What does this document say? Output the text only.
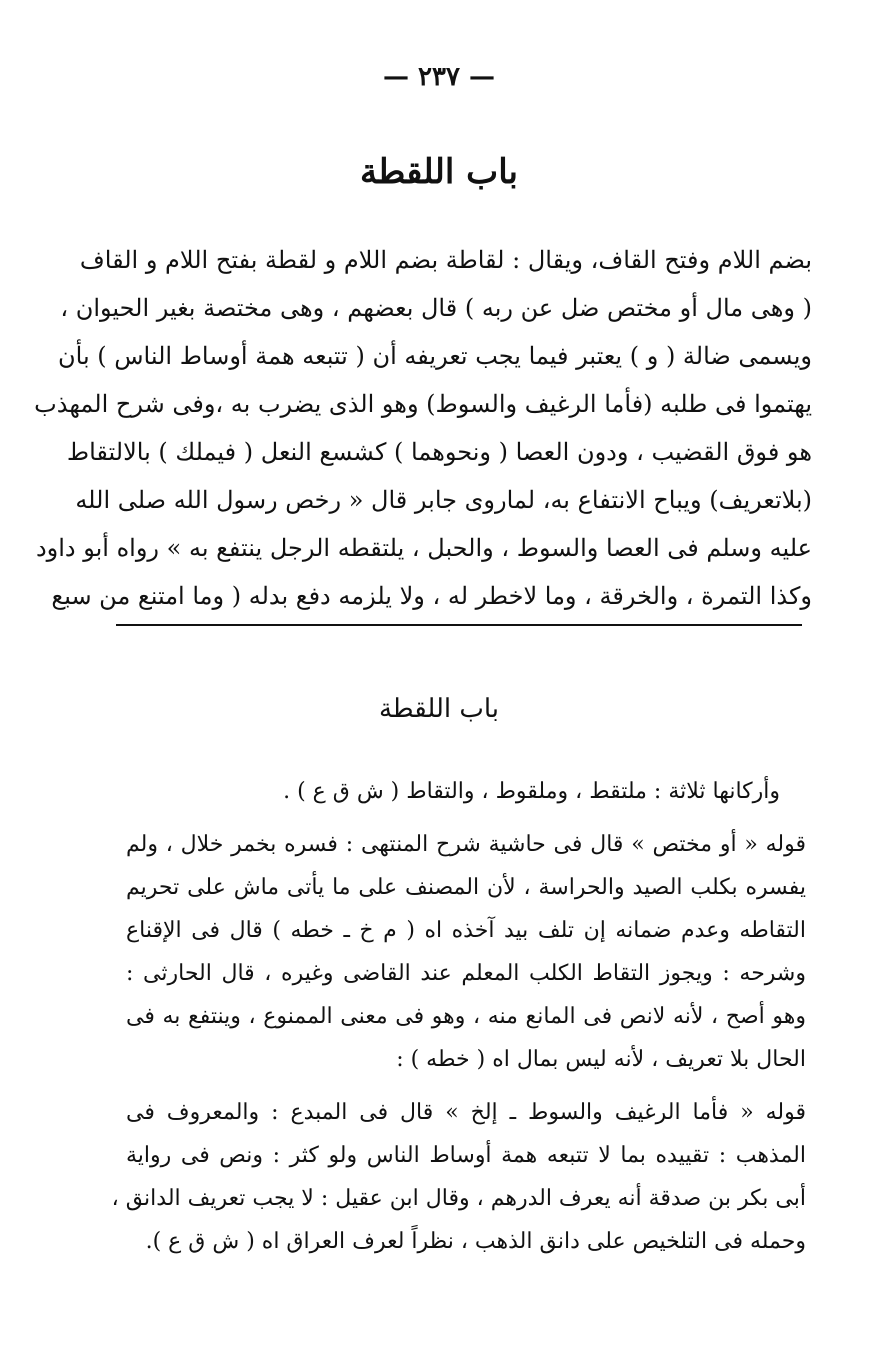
— ٢٣٧ —
باب اللقطة
بضم اللام وفتح القاف، ويقال : لقاطة بضم اللام و لقطة بفتح اللام و القاف
( وهى مال أو مختص ضل عن ربه ) قال بعضهم ، وهى مختصة بغير الحيوان ،
ويسمى ضالة ( و ) يعتبر فيما يجب تعريفه أن ( تتبعه همة أوساط الناس ) بأن
يهتموا فى طلبه (فأما الرغيف والسوط) وهو الذى يضرب به ،وفى شرح المهذب
هو فوق القضيب ، ودون العصا ( ونحوهما ) كشسع النعل ( فيملك ) بالالتقاط
(بلاتعريف) ويباح الانتفاع به، لماروى جابر قال « رخص رسول الله صلى الله
عليه وسلم فى العصا والسوط ، والحبل ، يلتقطه الرجل ينتفع به » رواه أبو داود
وكذا التمرة ، والخرقة ، وما لاخطر له ، ولا يلزمه دفع بدله ( وما امتنع من سبع
باب اللقطة
وأركانها ثلاثة : ملتقط ، وملقوط ، والتقاط ( ش ق ع ) .
قوله « أو مختص » قال فى حاشية شرح المنتهى : فسره بخمر خلال ، ولم
يفسره بكلب الصيد والحراسة ، لأن المصنف على ما يأتى ماش على تحريم
التقاطه وعدم ضمانه إن تلف بيد آخذه اه ( م خ ـ خطه ) قال فى الإقناع
وشرحه : ويجوز التقاط الكلب المعلم عند القاضى وغيره ، قال الحارثى :
وهو أصح ، لأنه لانص فى المانع منه ، وهو فى معنى الممنوع ، وينتفع به فى
الحال بلا تعريف ، لأنه ليس بمال اه ( خطه ) :
قوله « فأما الرغيف والسوط ـ إلخ » قال فى المبدع : والمعروف فى
المذهب : تقييده بما لا تتبعه همة أوساط الناس ولو كثر : ونص فى رواية
أبى بكر بن صدقة أنه يعرف الدرهم ، وقال ابن عقيل : لا يجب تعريف الدانق ،
وحمله فى التلخيص على دانق الذهب ، نظراً لعرف العراق اه ( ش ق ع ).
